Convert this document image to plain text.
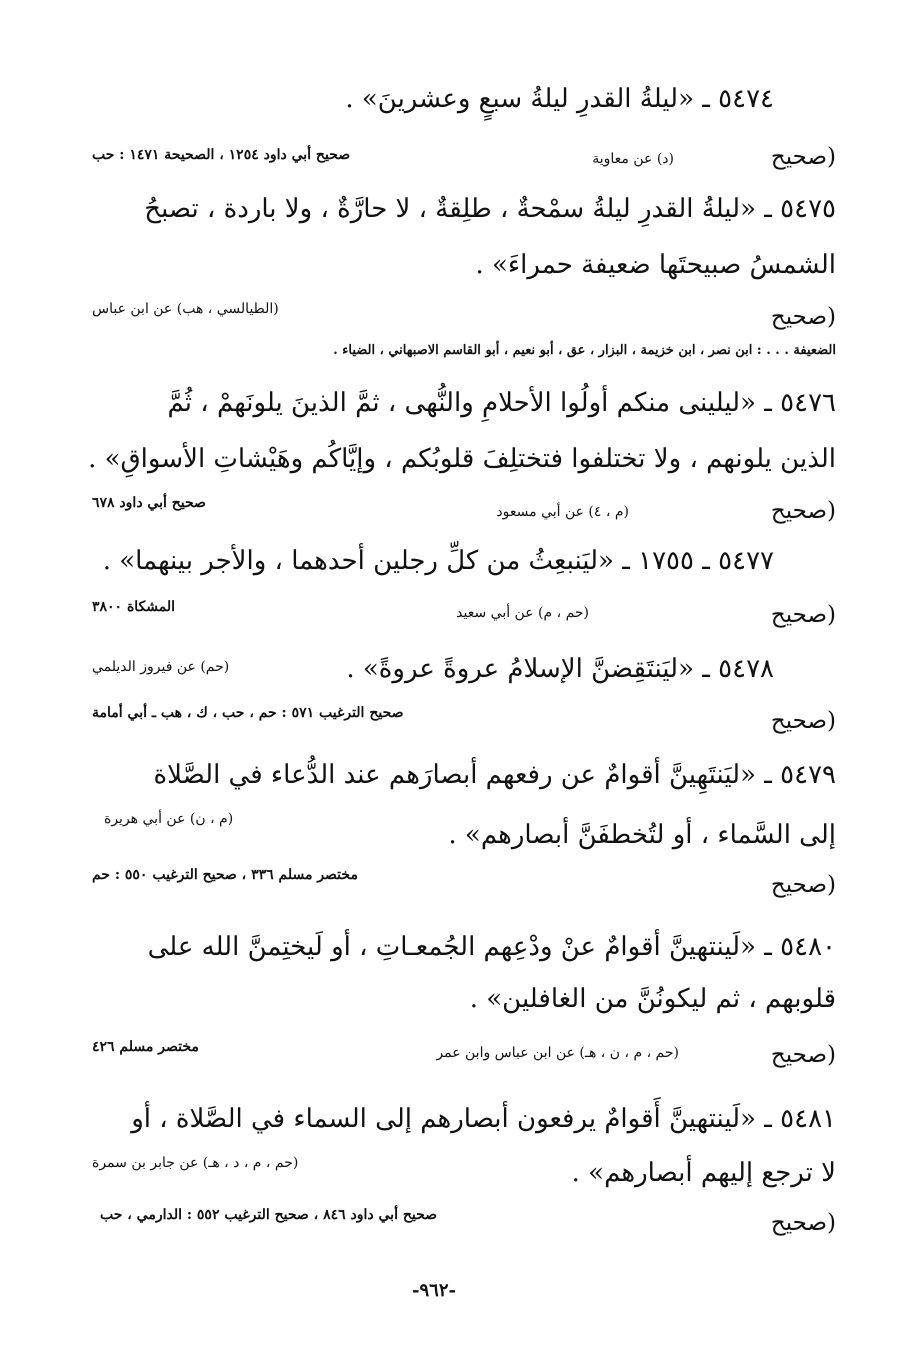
٥٤٧٤ ـ «ليلةُ القدرِ ليلةُ سبعٍ وعشرينَ» .
(صحيح
(د) عن معاوية
صحيح أبي داود ١٢٥٤ ، الصحيحة ١٤٧١ : حب
٥٤٧٥ ـ «ليلةُ القدرِ ليلةُ سمْحةٌ ، طلِقةٌ ، لا حارَّةٌ ، ولا باردة ، تصبحُ
الشمسُ صبيحتَها ضعيفة حمراءَ» .
(صحيح
(الطيالسي ، هب) عن ابن عباس
الضعيفة . . . : ابن نصر ، ابن خزيمة ، البزار ، عق ، أبو نعيم ، أبو القاسم الاصبهاني ، الضياء .
٥٤٧٦ ـ «ليلينى منكم أولُوا الأحلامِ والنُّهى ، ثمَّ الذينَ يلونَهمْ ، ثُمَّ
الذين يلونهم ، ولا تختلفوا فتختلِفَ قلوبُكم ، وإيَّاكُم وهَيْشاتِ الأسواقِ» .
(صحيح
(م ، ٤) عن أبي مسعود
صحيح أبي داود ٦٧٨
٥٤٧٧ ـ ١٧٥٥ ـ «ليَنبعِثُ من كلِّ رجلين أحدهما ، والأجر بينهما» .
(صحيح
(حم ، م) عن أبي سعيد
المشكاة ٣٨٠٠
٥٤٧٨ ـ «ليَنتَقِضنَّ الإسلامُ عروةً عروةً» .
(حم) عن فيروز الديلمي
(صحيح
صحيح الترغيب ٥٧١ : حم ، حب ، ك ، هب ـ أبي أمامة
٥٤٧٩ ـ «ليَنتَهِينَّ أقوامٌ عن رفعهم أبصارَهم عند الدُّعاء في الصَّلاة
(م ، ن) عن أبي هريرة
إلى السَّماء ، أو لتُخطفَنَّ أبصارهم» .
(صحيح
مختصر مسلم ٣٣٦ ، صحيح الترغيب ٥٥٠ : حم
٥٤٨٠ ـ «لَينتهينَّ أقوامٌ عنْ ودْعِهم الجُمعـاتِ ، أو لَيختِمنَّ الله على
قلوبهم ، ثم ليكونُنَّ من الغافلين» .
(صحيح
(حم ، م ، ن ، هـ) عن ابن عباس وابن عمر
مختصر مسلم ٤٢٦
٥٤٨١ ـ «لَينتهينَّ أَقوامٌ يرفعون أبصارهم إلى السماء في الصَّلاة ، أو
(حم ، م ، د ، هـ) عن جابر بن سمرة	لا ترجع إليهم أبصارهم» .
(صحيح
صحيح أبي داود ٨٤٦ ، صحيح الترغيب ٥٥٢ : الدارمي ، حب
-٩٦٢-
